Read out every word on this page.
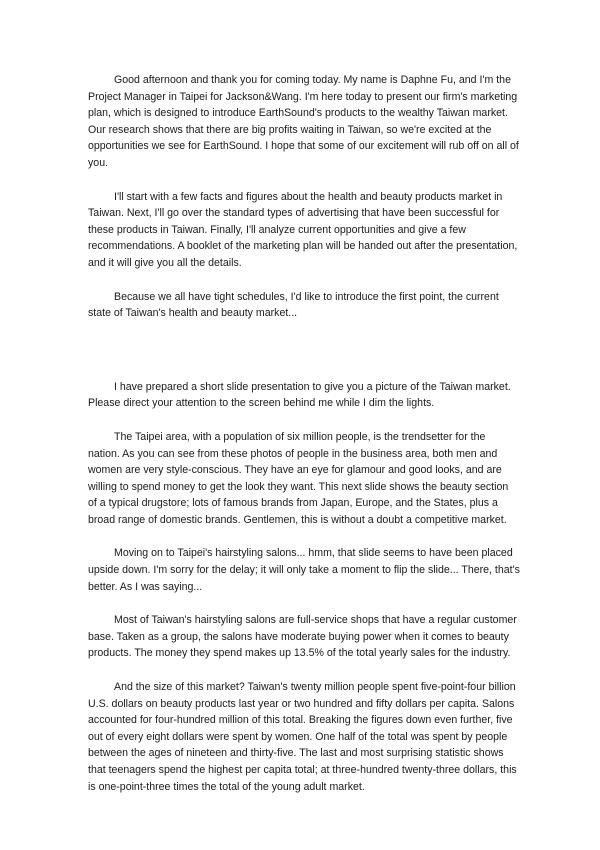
Good afternoon and thank you for coming today. My name is Daphne Fu, and I'm the Project Manager in Taipei for Jackson&Wang. I'm here today to present our firm's marketing plan, which is designed to introduce EarthSound's products to the wealthy Taiwan market. Our research shows that there are big profits waiting in Taiwan, so we're excited at the opportunities we see for EarthSound. I hope that some of our excitement will rub off on all of you.

I'll start with a few facts and figures about the health and beauty products market in Taiwan. Next, I'll go over the standard types of advertising that have been successful for these products in Taiwan. Finally, I'll analyze current opportunities and give a few recommendations. A booklet of the marketing plan will be handed out after the presentation, and it will give you all the details.

Because we all have tight schedules, I'd like to introduce the first point, the current state of Taiwan's health and beauty market...

I have prepared a short slide presentation to give you a picture of the Taiwan market. Please direct your attention to the screen behind me while I dim the lights.

The Taipei area, with a population of six million people, is the trendsetter for the nation. As you can see from these photos of people in the business area, both men and women are very style-conscious. They have an eye for glamour and good looks, and are willing to spend money to get the look they want. This next slide shows the beauty section of a typical drugstore; lots of famous brands from Japan, Europe, and the States, plus a broad range of domestic brands. Gentlemen, this is without a doubt a competitive market.

Moving on to Taipei's hairstyling salons... hmm, that slide seems to have been placed upside down. I'm sorry for the delay; it will only take a moment to flip the slide... There, that's better. As I was saying...

Most of Taiwan's hairstyling salons are full-service shops that have a regular customer base. Taken as a group, the salons have moderate buying power when it comes to beauty products. The money they spend makes up 13.5% of the total yearly sales for the industry.

And the size of this market? Taiwan's twenty million people spent five-point-four billion U.S. dollars on beauty products last year or two hundred and fifty dollars per capita. Salons accounted for four-hundred million of this total. Breaking the figures down even further, five out of every eight dollars were spent by women. One half of the total was spent by people between the ages of nineteen and thirty-five. The last and most surprising statistic shows that teenagers spend the highest per capita total; at three-hundred twenty-three dollars, this is one-point-three times the total of the young adult market.
